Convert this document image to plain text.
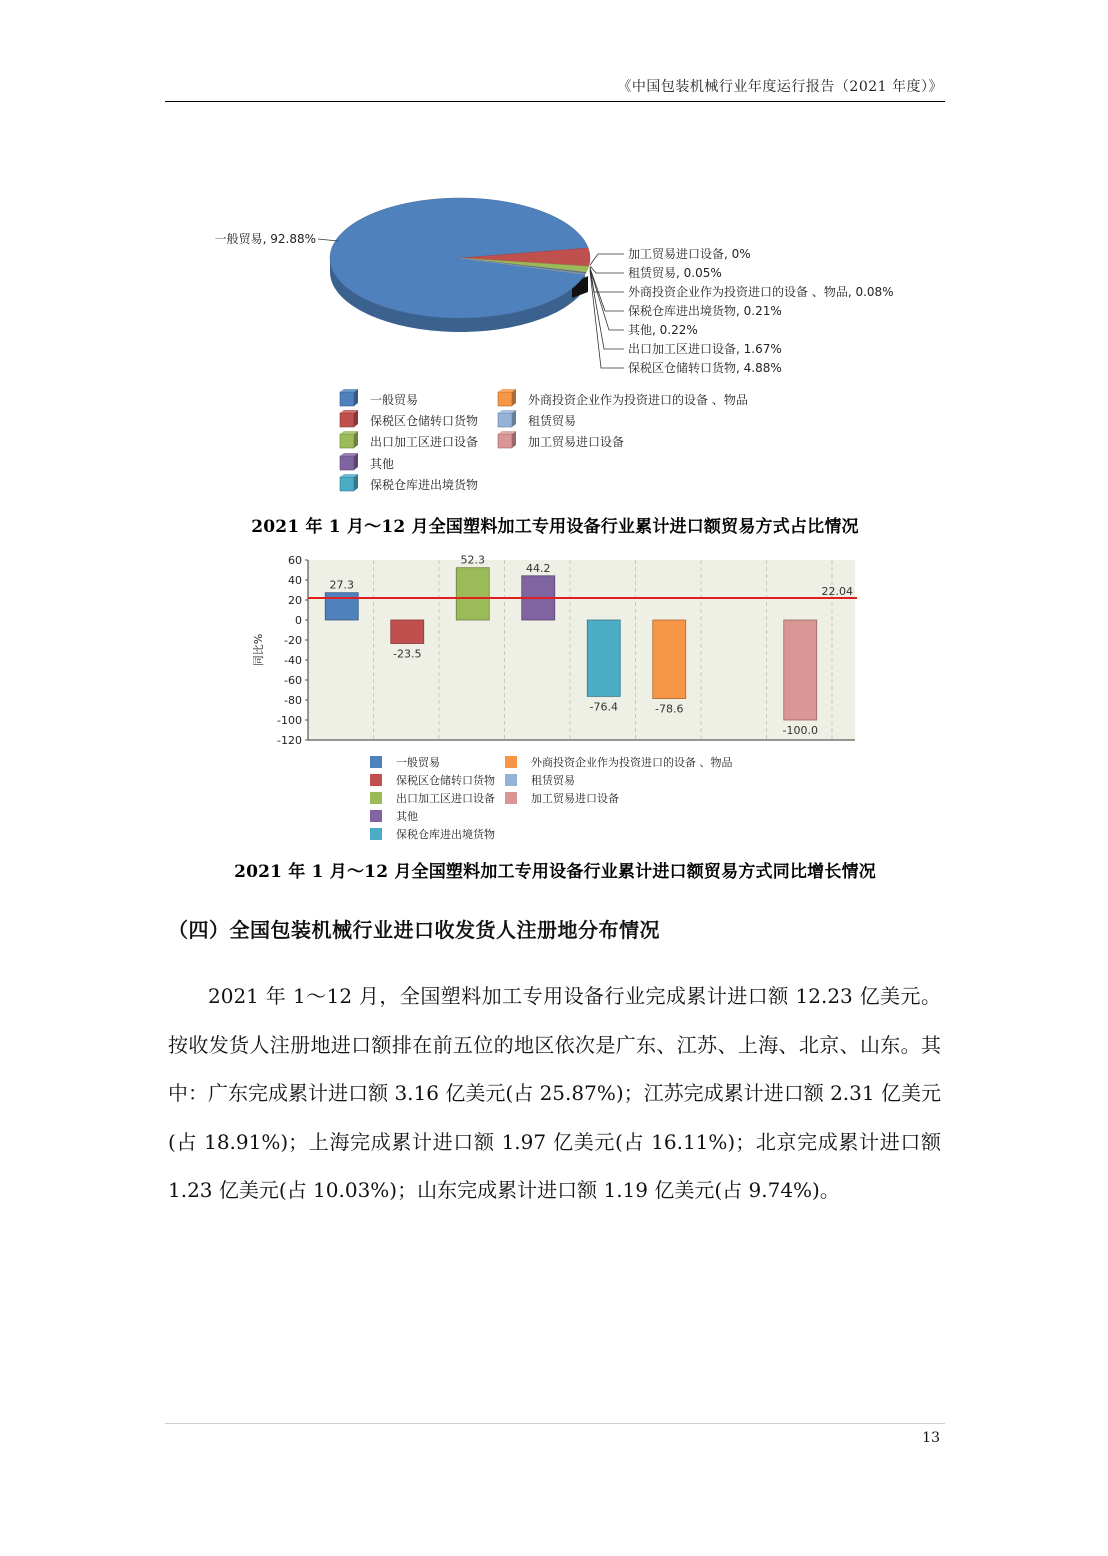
《中国包装机械行业年度运行报告（2021 年度）》
一般贸易, 92.88%
加工贸易进口设备, 0%
租赁贸易, 0.05%
外商投资企业作为投资进口的设备 、物品, 0.08%
保税仓库进出境货物, 0.21%
其他, 0.22%
出口加工区进口设备, 1.67%
保税区仓储转口货物, 4.88%
一般贸易	外商投资企业作为投资进口的设备 、物品
保税区仓储转口货物	租赁贸易
出口加工区进口设备	加工贸易进口设备
其他
保税仓库进出境货物
2021 年 1 月～12 月全国塑料加工专用设备行业累计进口额贸易方式占比情况
60
40
20
0
-20
-40
-60
-80
-100
-120
同比%
27.3
-23.5
52.3
44.2
-76.4	-78.6
-100.0
22.04
一般贸易	外商投资企业作为投资进口的设备 、物品
保税区仓储转口货物	租赁贸易
出口加工区进口设备	加工贸易进口设备
其他
保税仓库进出境货物
2021 年 1 月～12 月全国塑料加工专用设备行业累计进口额贸易方式同比增长情况
（四）全国包装机械行业进口收发货人注册地分布情况
2021 年 1～12 月，全国塑料加工专用设备行业完成累计进口额 12.23 亿美元。按收发货人注册地进口额排在前五位的地区依次是广东、江苏、上海、北京、山东。其中：广东完成累计进口额 3.16 亿美元(占 25.87%)；江苏完成累计进口额 2.31 亿美元(占 18.91%)；上海完成累计进口额 1.97 亿美元(占 16.11%)；北京完成累计进口额 1.23 亿美元(占 10.03%)；山东完成累计进口额 1.19 亿美元(占 9.74%)。
13
